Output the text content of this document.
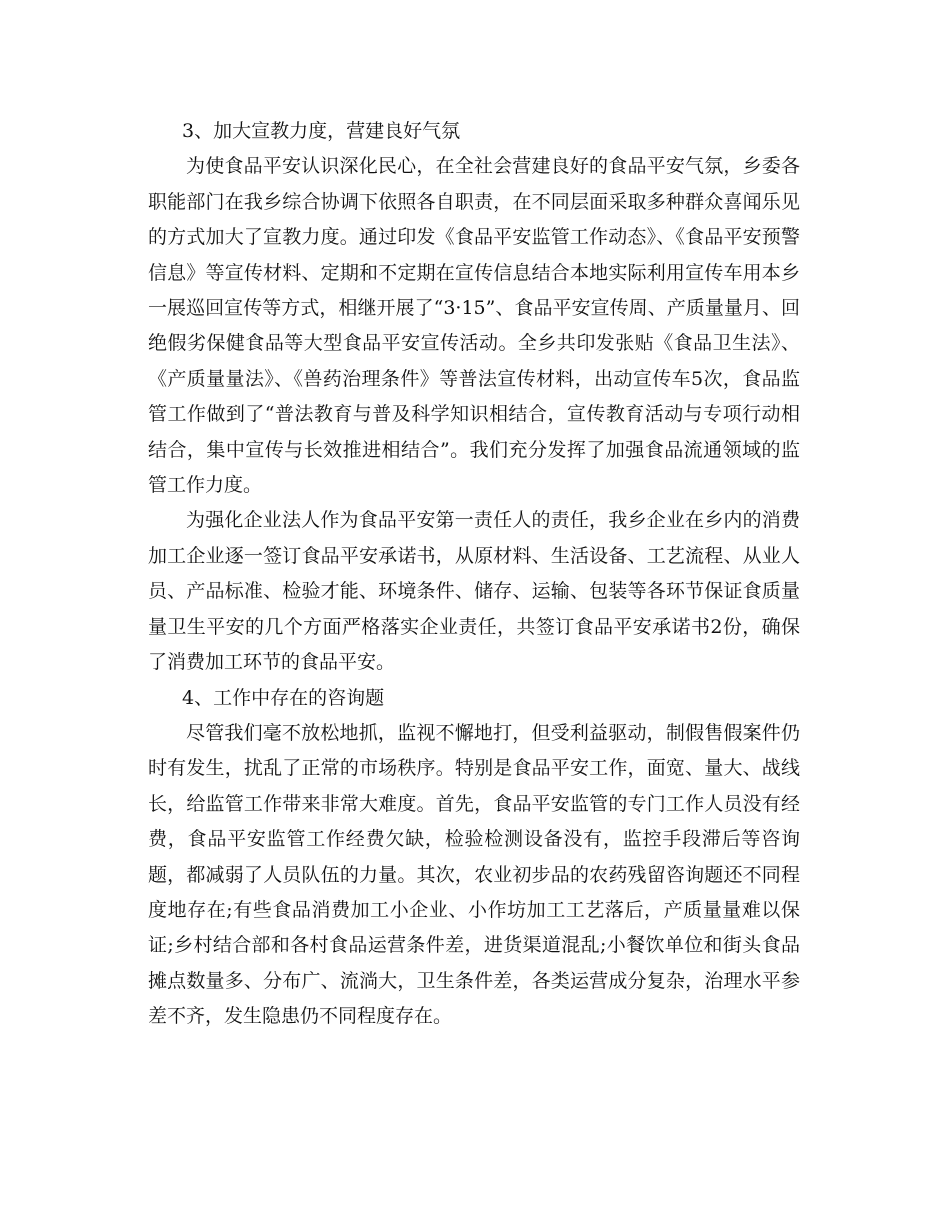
3、加大宣教力度，营建良好气氛

为使食品平安认识深化民心，在全社会营建良好的食品平安气氛，乡委各职能部门在我乡综合协调下依照各自职责，在不同层面采取多种群众喜闻乐见的方式加大了宣教力度。通过印发《食品平安监管工作动态》、《食品平安预警信息》等宣传材料、定期和不定期在宣传信息结合本地实际利用宣传车用本乡一展巡回宣传等方式，相继开展了“3·15”、食品平安宣传周、产质量量月、回绝假劣保健食品等大型食品平安宣传活动。全乡共印发张贴《食品卫生法》、《产质量量法》、《兽药治理条件》等普法宣传材料，出动宣传车5次，食品监管工作做到了“普法教育与普及科学知识相结合，宣传教育活动与专项行动相结合，集中宣传与长效推进相结合”。我们充分发挥了加强食品流通领域的监管工作力度。

为强化企业法人作为食品平安第一责任人的责任，我乡企业在乡内的消费加工企业逐一签订食品平安承诺书，从原材料、生活设备、工艺流程、从业人员、产品标准、检验才能、环境条件、储存、运输、包装等各环节保证食质量量卫生平安的几个方面严格落实企业责任，共签订食品平安承诺书2份，确保了消费加工环节的食品平安。

4、工作中存在的咨询题

尽管我们毫不放松地抓，监视不懈地打，但受利益驱动，制假售假案件仍时有发生，扰乱了正常的市场秩序。特别是食品平安工作，面宽、量大、战线长，给监管工作带来非常大难度。首先，食品平安监管的专门工作人员没有经费，食品平安监管工作经费欠缺，检验检测设备没有，监控手段滞后等咨询题，都减弱了人员队伍的力量。其次，农业初步品的农药残留咨询题还不同程度地存在;有些食品消费加工小企业、小作坊加工工艺落后，产质量量难以保证;乡村结合部和各村食品运营条件差，进货渠道混乱;小餐饮单位和街头食品摊点数量多、分布广、流淌大，卫生条件差，各类运营成分复杂，治理水平参差不齐，发生隐患仍不同程度存在。
